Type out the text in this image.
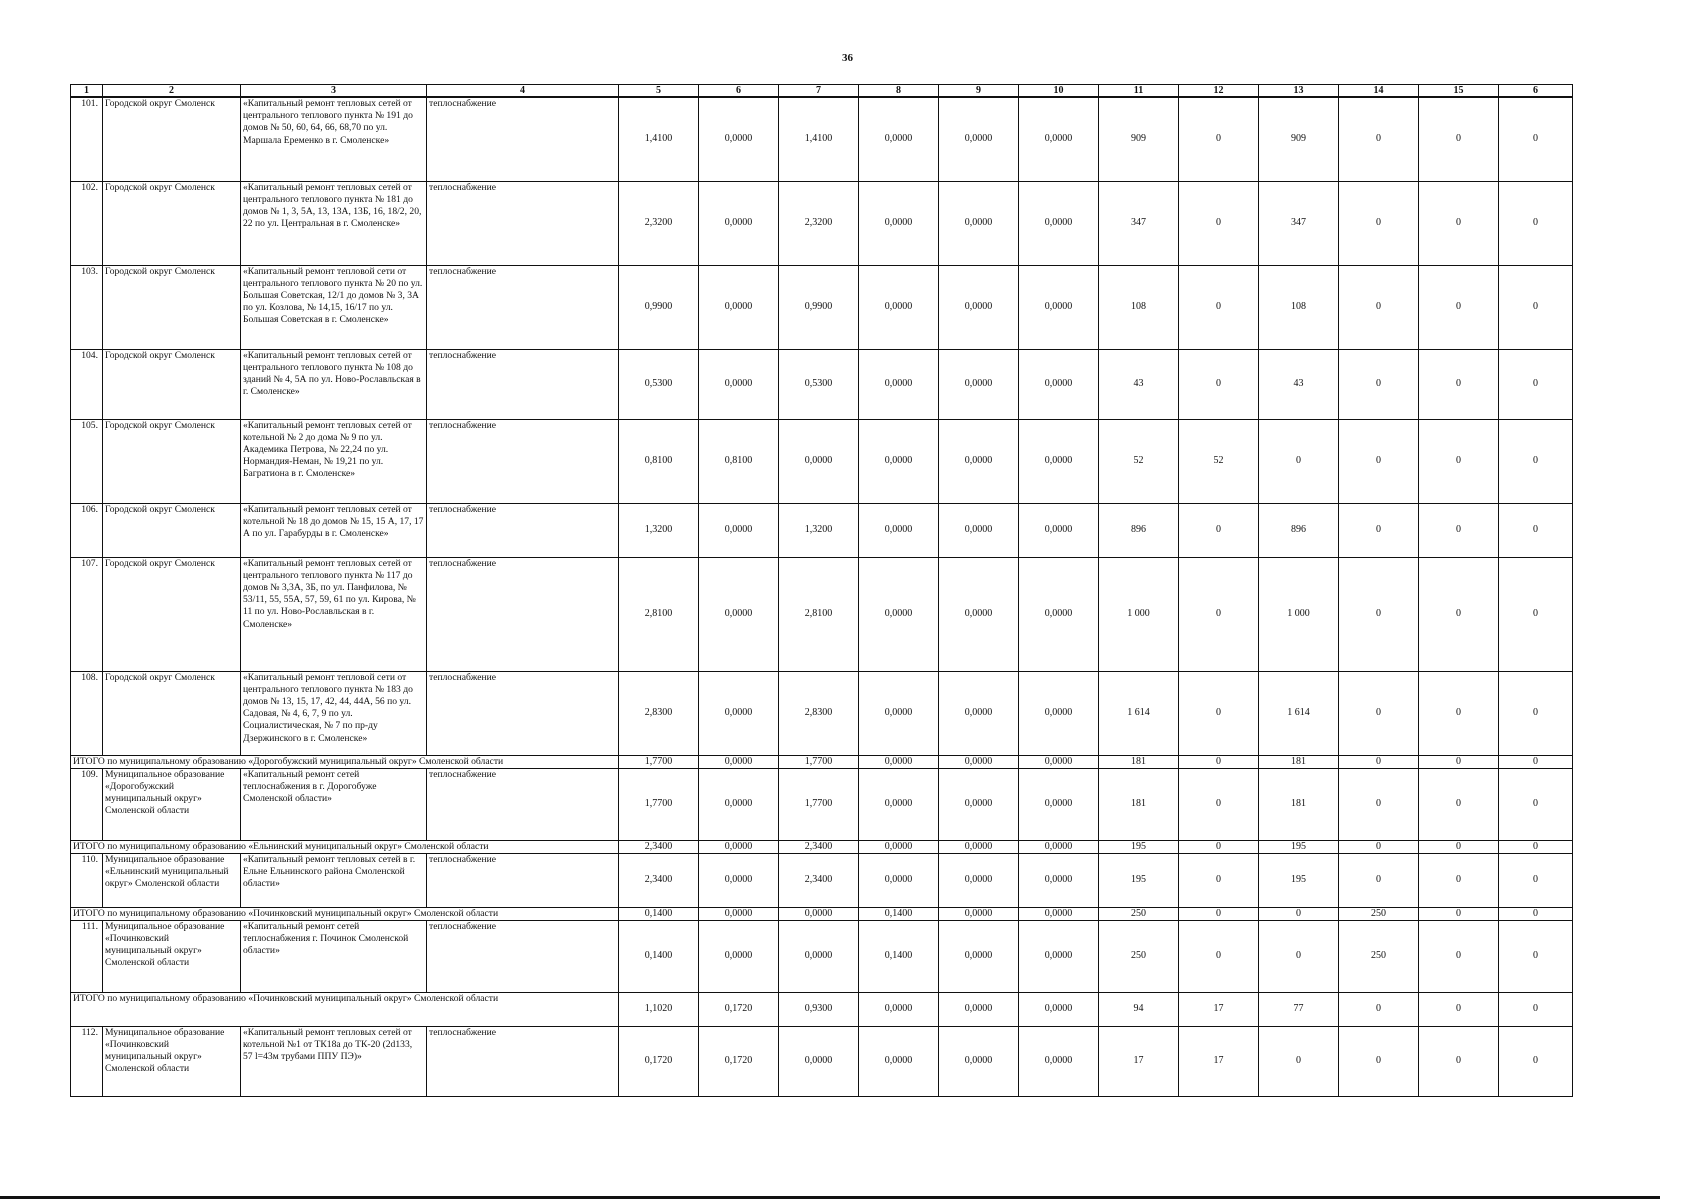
36
1	2	3	4	5	6	7	8	9	10	11	12	13	14	15	6
101.	Городской округ Смоленск	«Капитальный ремонт тепловых сетей от центрального теплового пункта № 191 до домов № 50, 60, 64, 66, 68,70 по ул. Маршала Еременко в г. Смоленске»	теплоснабжение	1,4100	0,0000	1,4100	0,0000	0,0000	0,0000	909	0	909	0	0	0
102.	Городской округ Смоленск	«Капитальный ремонт тепловых сетей от центрального теплового пункта № 181 до домов № 1, 3, 5А, 13, 13А, 13Б, 16, 18/2, 20, 22 по ул. Центральная в г. Смоленске»	теплоснабжение	2,3200	0,0000	2,3200	0,0000	0,0000	0,0000	347	0	347	0	0	0
103.	Городской округ Смоленск	«Капитальный ремонт тепловой сети от центрального теплового пункта № 20 по ул. Большая Советская, 12/1 до домов № 3, 3А по ул. Козлова, № 14,15, 16/17 по ул. Большая Советская в г. Смоленске»	теплоснабжение	0,9900	0,0000	0,9900	0,0000	0,0000	0,0000	108	0	108	0	0	0
104.	Городской округ Смоленск	«Капитальный ремонт тепловых сетей от центрального теплового пункта № 108 до зданий № 4, 5А по ул. Ново-Рославльская в г. Смоленске»	теплоснабжение	0,5300	0,0000	0,5300	0,0000	0,0000	0,0000	43	0	43	0	0	0
105.	Городской округ Смоленск	«Капитальный ремонт тепловых сетей от котельной № 2 до дома № 9 по ул. Академика Петрова, № 22,24 по ул. Нормандия-Неман, № 19,21 по ул. Багратиона в г. Смоленске»	теплоснабжение	0,8100	0,8100	0,0000	0,0000	0,0000	0,0000	52	52	0	0	0	0
106.	Городской округ Смоленск	«Капитальный ремонт тепловых сетей от котельной № 18 до домов № 15, 15 А, 17, 17 А по ул. Гарабурды в г. Смоленске»	теплоснабжение	1,3200	0,0000	1,3200	0,0000	0,0000	0,0000	896	0	896	0	0	0
107.	Городской округ Смоленск	«Капитальный ремонт тепловых сетей от центрального теплового пункта № 117 до домов № 3,3А, 3Б, по ул. Панфилова, № 53/11, 55, 55А, 57, 59, 61 по ул. Кирова, № 11 по ул. Ново-Рославльская в г. Смоленске»	теплоснабжение	2,8100	0,0000	2,8100	0,0000	0,0000	0,0000	1 000	0	1 000	0	0	0
108.	Городской округ Смоленск	«Капитальный ремонт тепловой сети от центрального теплового пункта № 183 до домов № 13, 15, 17, 42, 44, 44А, 56 по ул. Садовая, № 4, 6, 7, 9 по ул. Социалистическая, № 7 по пр-ду Дзержинского в г. Смоленске»	теплоснабжение	2,8300	0,0000	2,8300	0,0000	0,0000	0,0000	1 614	0	1 614	0	0	0
ИТОГО по муниципальному образованию «Дорогобужский муниципальный округ» Смоленской области				1,7700	0,0000	1,7700	0,0000	0,0000	0,0000	181	0	181	0	0	0
109.	Муниципальное образование «Дорогобужский муниципальный округ» Смоленской области	«Капитальный ремонт сетей теплоснабжения в г. Дорогобуже Смоленской области»	теплоснабжение	1,7700	0,0000	1,7700	0,0000	0,0000	0,0000	181	0	181	0	0	0
ИТОГО по муниципальному образованию «Ельнинский муниципальный округ» Смоленской области				2,3400	0,0000	2,3400	0,0000	0,0000	0,0000	195	0	195	0	0	0
110.	Муниципальное образование «Ельнинский муниципальный округ» Смоленской области	«Капитальный ремонт тепловых сетей в г. Ельне Ельнинского района Смоленской области»	теплоснабжение	2,3400	0,0000	2,3400	0,0000	0,0000	0,0000	195	0	195	0	0	0
ИТОГО по муниципальному образованию «Починковский муниципальный округ» Смоленской области				0,1400	0,0000	0,0000	0,1400	0,0000	0,0000	250	0	0	250	0	0
111.	Муниципальное образование «Починковский муниципальный округ» Смоленской области	«Капитальный ремонт сетей теплоснабжения г. Починок Смоленской области»	теплоснабжение	0,1400	0,0000	0,0000	0,1400	0,0000	0,0000	250	0	0	250	0	0
ИТОГО по муниципальному образованию «Починковский муниципальный округ» Смоленской области				1,1020	0,1720	0,9300	0,0000	0,0000	0,0000	94	17	77	0	0	0
112.	Муниципальное образование «Починковский муниципальный округ» Смоленской области	«Капитальный ремонт тепловых сетей от котельной №1 от ТК18а до ТК-20 (2d133, 57 l=43м трубами ППУ ПЭ)»	теплоснабжение	0,1720	0,1720	0,0000	0,0000	0,0000	0,0000	17	17	0	0	0	0
